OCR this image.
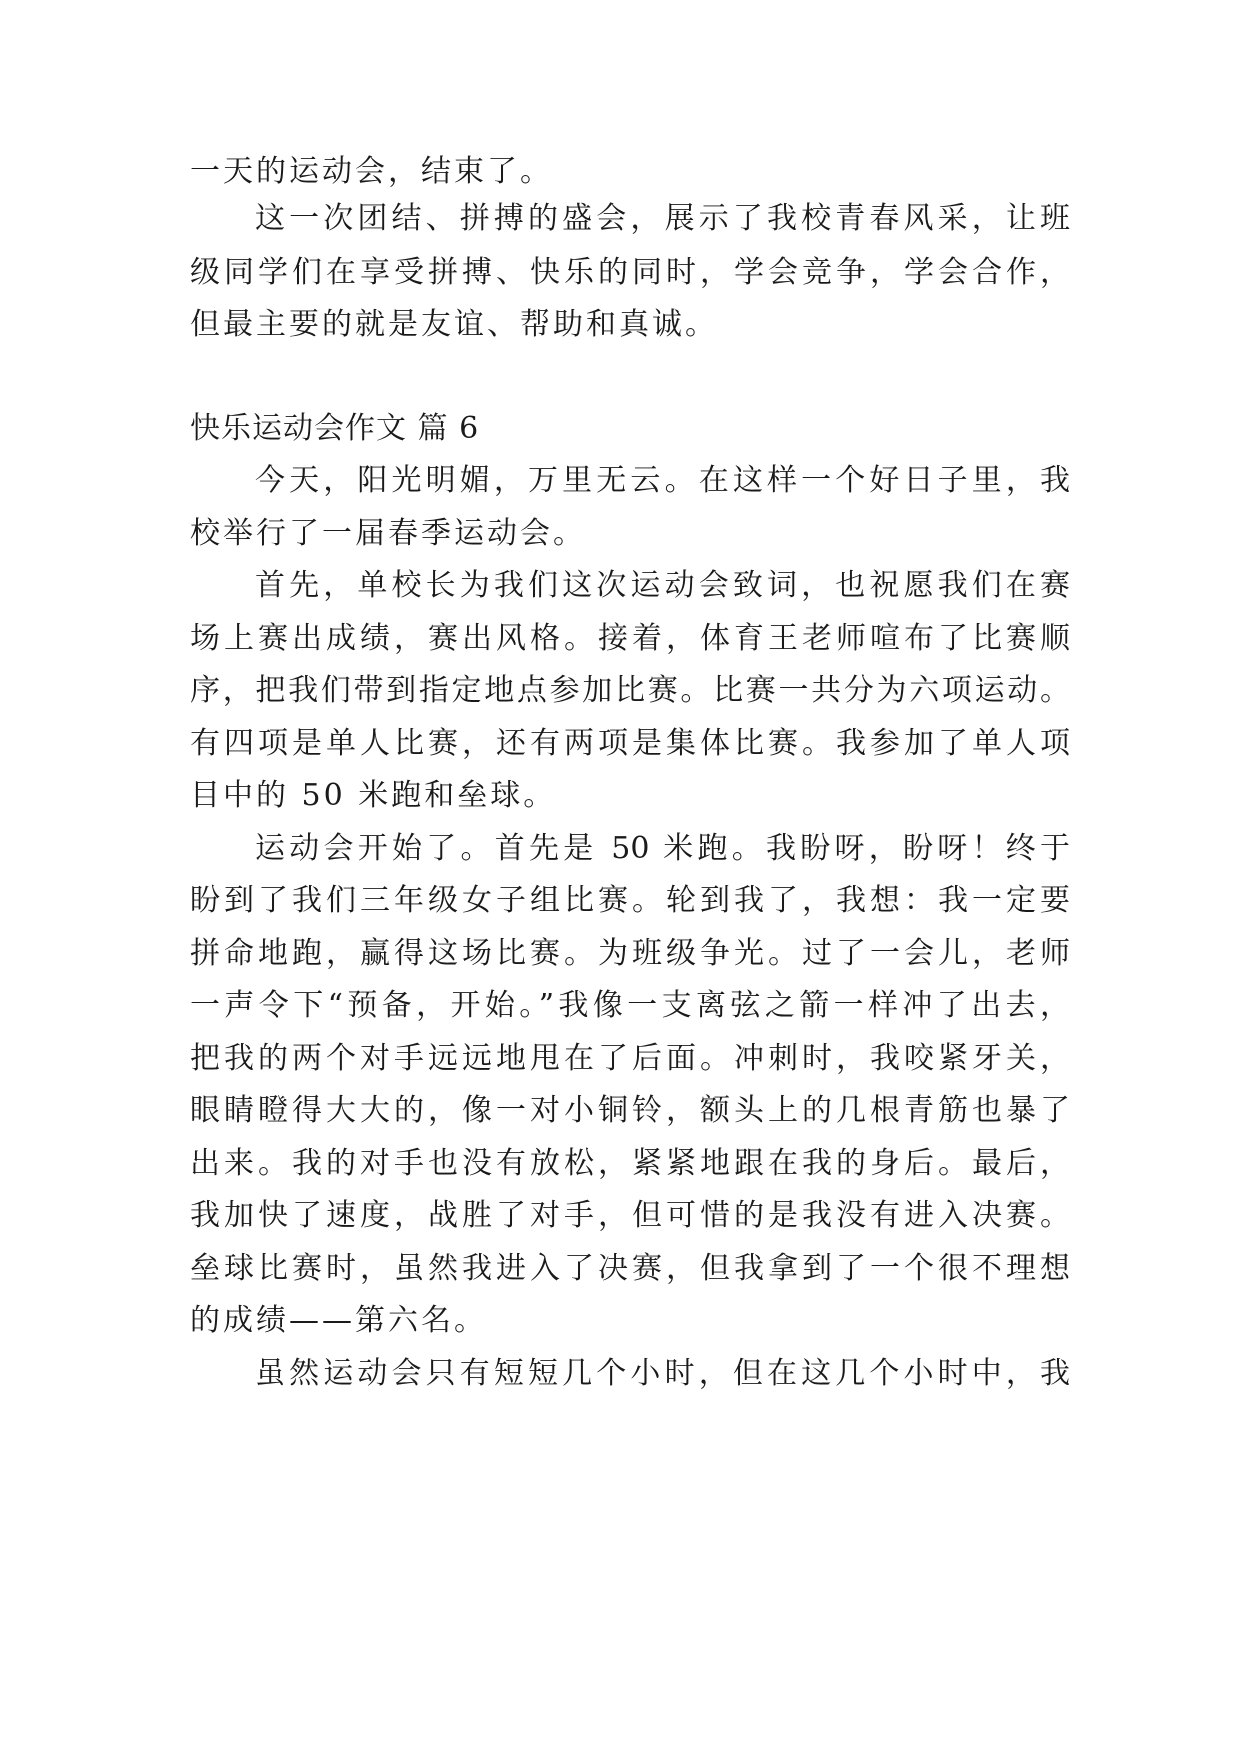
一天的运动会，结束了。

这一次团结、拼搏的盛会，展示了我校青春风采，让班

级同学们在享受拼搏、快乐的同时，学会竞争，学会合作，

但最主要的就是友谊、帮助和真诚。

快乐运动会作文 篇 6

今天，阳光明媚，万里无云。在这样一个好日子里，我

校举行了一届春季运动会。

首先，单校长为我们这次运动会致词，也祝愿我们在赛

场上赛出成绩，赛出风格。接着，体育王老师喧布了比赛顺

序，把我们带到指定地点参加比赛。比赛一共分为六项运动。

有四项是单人比赛，还有两项是集体比赛。我参加了单人项

目中的 50 米跑和垒球。

运动会开始了。首先是 50 米跑。我盼呀，盼呀！终于

盼到了我们三年级女子组比赛。轮到我了，我想：我一定要

拼命地跑，赢得这场比赛。为班级争光。过了一会儿，老师

一声令下“预备，开始。”我像一支离弦之箭一样冲了出去，

把我的两个对手远远地甩在了后面。冲刺时，我咬紧牙关，

眼睛瞪得大大的，像一对小铜铃，额头上的几根青筋也暴了

出来。我的对手也没有放松，紧紧地跟在我的身后。最后，

我加快了速度，战胜了对手，但可惜的是我没有进入决赛。

垒球比赛时，虽然我进入了决赛，但我拿到了一个很不理想

的成绩——第六名。

虽然运动会只有短短几个小时，但在这几个小时中，我
